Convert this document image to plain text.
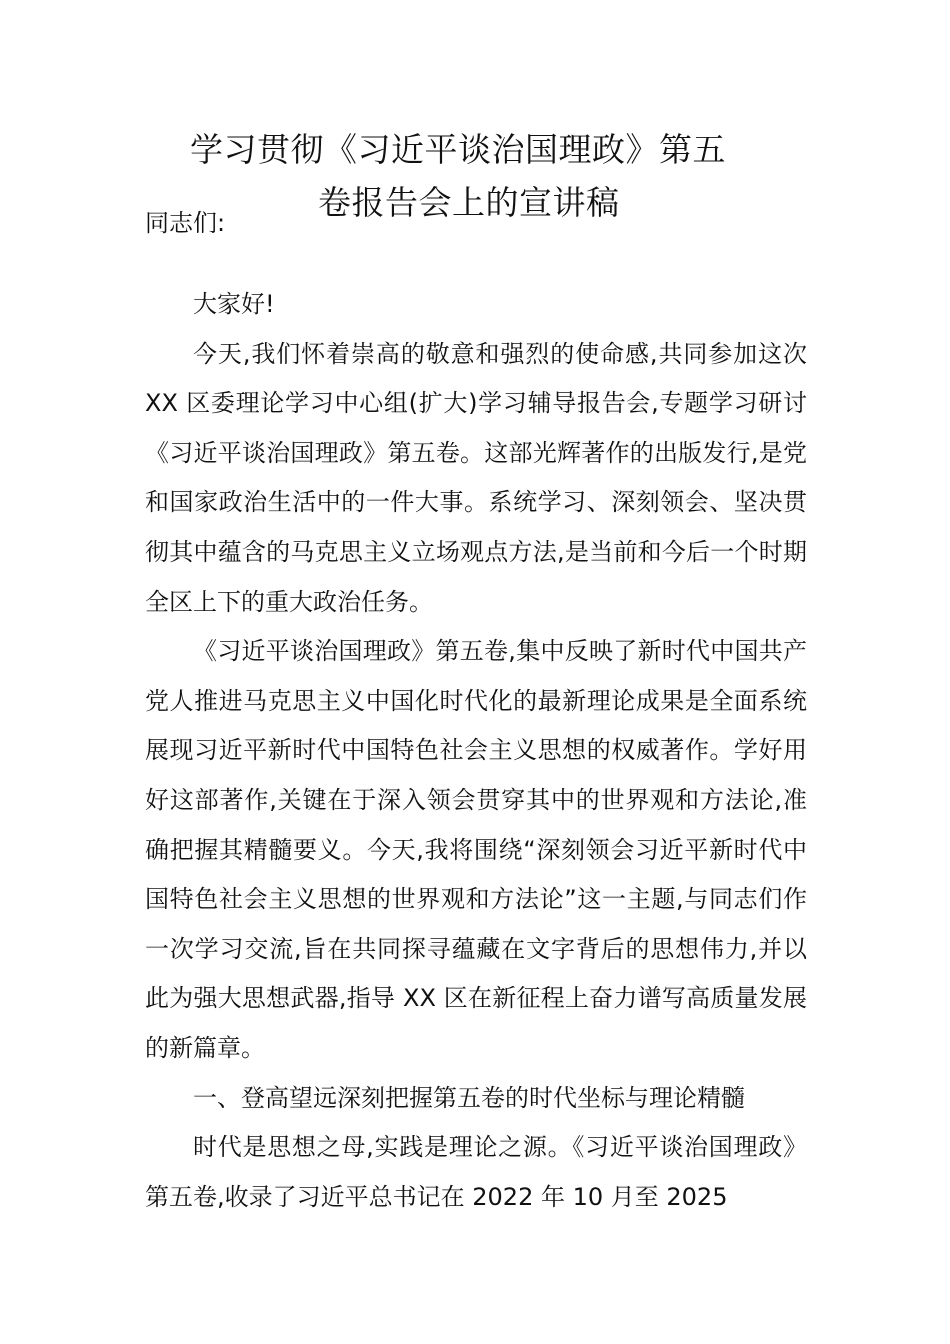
学习贯彻《习近平谈治国理政》第五
卷报告会上的宣讲稿

同志们:

大家好!

今天,我们怀着崇高的敬意和强烈的使命感,共同参加这次 XX 区委理论学习中心组(扩大)学习辅导报告会,专题学习研讨《习近平谈治国理政》第五卷。这部光辉著作的出版发行,是党和国家政治生活中的一件大事。系统学习、深刻领会、坚决贯彻其中蕴含的马克思主义立场观点方法,是当前和今后一个时期全区上下的重大政治任务。

《习近平谈治国理政》第五卷,集中反映了新时代中国共产党人推进马克思主义中国化时代化的最新理论成果是全面系统展现习近平新时代中国特色社会主义思想的权威著作。学好用好这部著作,关键在于深入领会贯穿其中的世界观和方法论,准确把握其精髓要义。今天,我将围绕“深刻领会习近平新时代中国特色社会主义思想的世界观和方法论”这一主题,与同志们作一次学习交流,旨在共同探寻蕴藏在文字背后的思想伟力,并以此为强大思想武器,指导 XX 区在新征程上奋力谱写高质量发展的新篇章。

一、登高望远深刻把握第五卷的时代坐标与理论精髓

时代是思想之母,实践是理论之源。《习近平谈治国理政》第五卷,收录了习近平总书记在 2022 年 10 月至 2025
